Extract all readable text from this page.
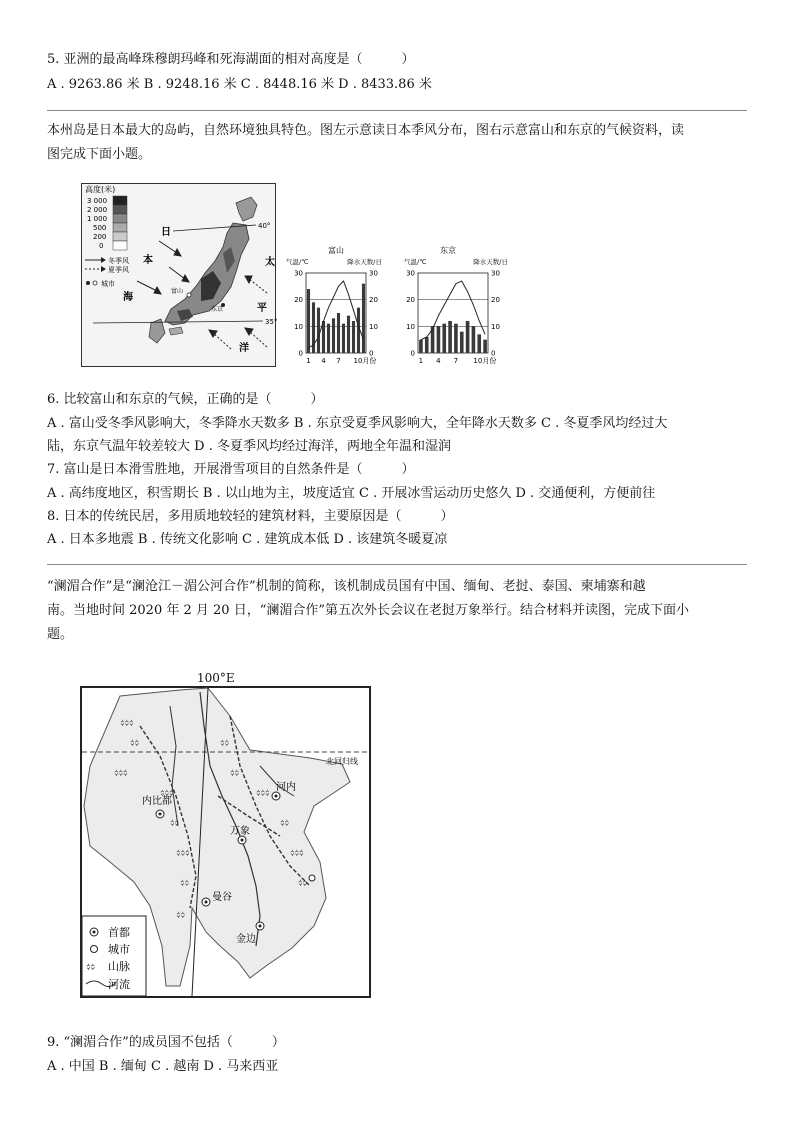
5. 亚洲的最高峰珠穆朗玛峰和死海湖面的相对高度是（　　　）
A . 9263.86 米 B . 9248.16 米 C . 8448.16 米 D . 8433.86 米
本州岛是日本最大的岛屿，自然环境独具特色。图左示意读日本季风分布，图右示意富山和东京的气候资料，读
图完成下面小题。
高度(米)
3 000
2 000
1 000
500
200
0
冬季风
夏季风
城市
40°
35°
日
本
海
太
平
洋
富山
东京
富山
气温/℃	降水天数/日
30
20
10
0
30
20
10
0
1 4 7 10月份
东京
气温/℃	降水天数/日
30
20
10
0
30
20
10
0
1 4 7 10月份
6. 比较富山和东京的气候，正确的是（　　　）
A . 富山受冬季风影响大，冬季降水天数多 B . 东京受夏季风影响大，全年降水天数多 C . 冬夏季风均经过大
陆，东京气温年较差较大 D . 冬夏季风均经过海洋，两地全年温和湿润
7. 富山是日本滑雪胜地，开展滑雪项目的自然条件是（　　　）
A . 高纬度地区，积雪期长 B . 以山地为主，坡度适宜 C . 开展冰雪运动历史悠久 D . 交通便利，方便前往
8. 日本的传统民居，多用质地较轻的建筑材料，主要原因是（　　　）
A . 日本多地震 B . 传统文化影响 C . 建筑成本低 D . 该建筑冬暖夏凉
“澜湄合作”是“澜沧江－湄公河合作”机制的简称，该机制成员国有中国、缅甸、老挝、泰国、柬埔寨和越
南。当地时间 2020 年 2 月 20 日，“澜湄合作”第五次外长会议在老挝万象举行。结合材料并读图，完成下面小
题。
100°E
北回归线
᨟᨟᨟
᨟᨟
᨟᨟᨟
᨟᨟᨟
᨟᨟
᨟᨟᨟
᨟᨟
᨟᨟
᨟᨟᨟
᨟᨟
᨟᨟᨟
᨟᨟
᨟᨟
᨟᨟
内比都
河内
万象
曼谷
金边
首都
城市
᨟᨟ 山脉
河流
9. “澜湄合作”的成员国不包括（　　　）
A . 中国 B . 缅甸 C . 越南 D . 马来西亚
